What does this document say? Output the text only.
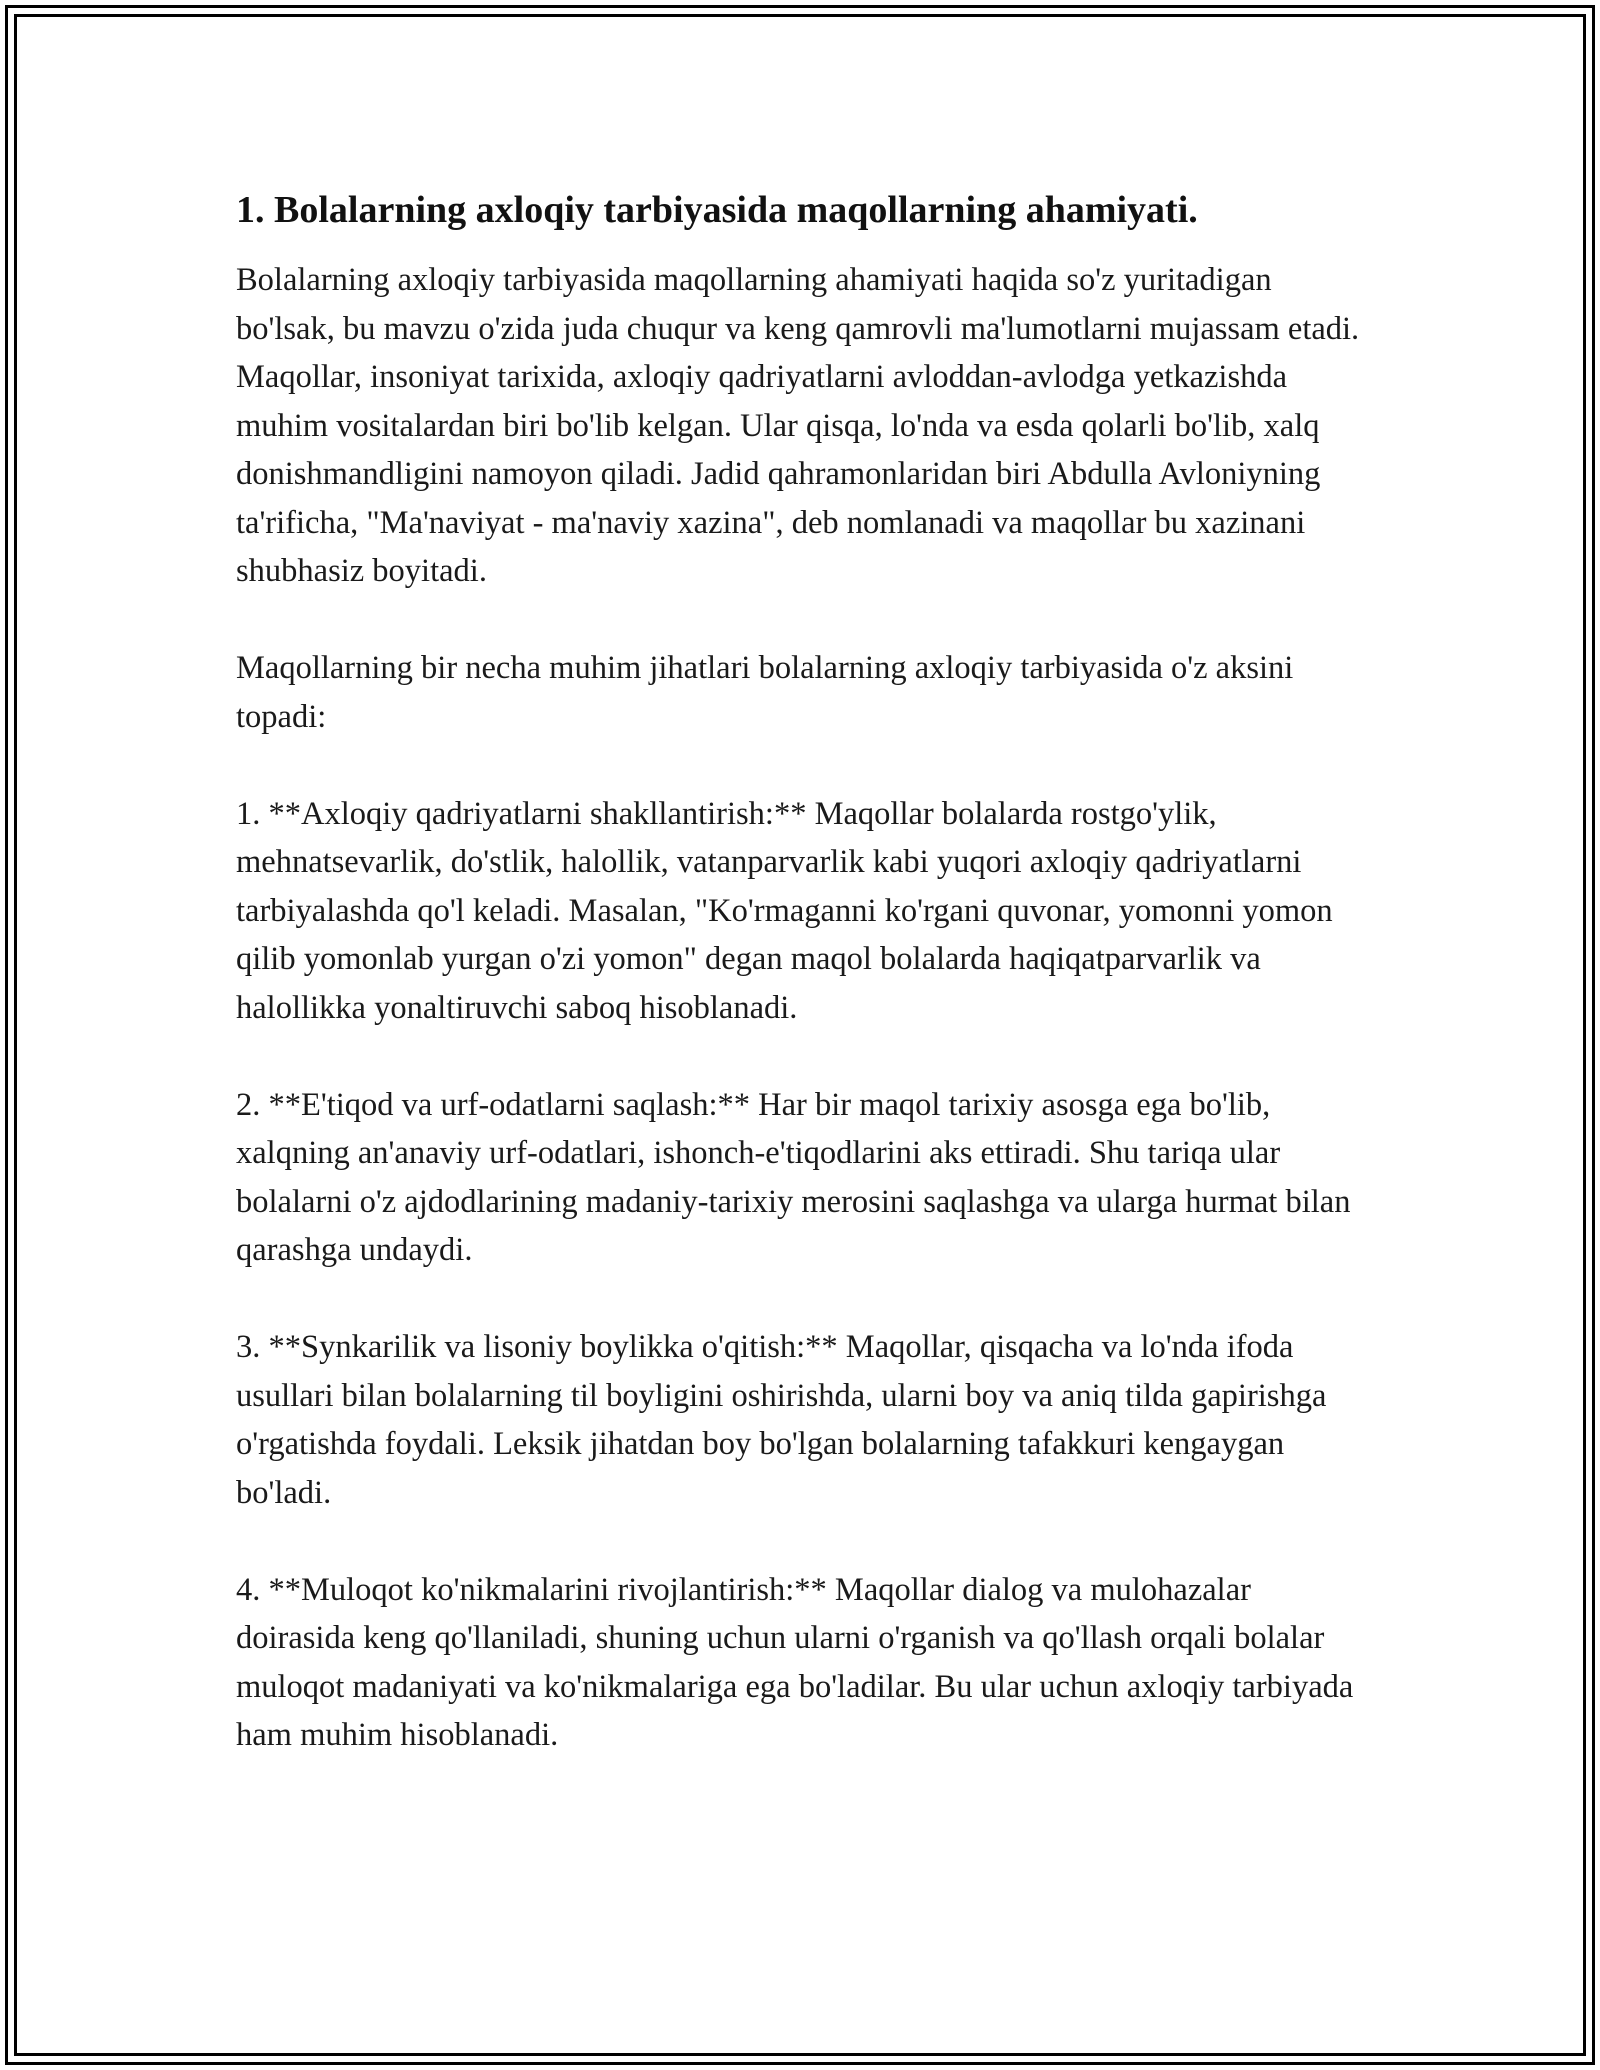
1. Bolalarning axloqiy tarbiyasida maqollarning ahamiyati.

Bolalarning axloqiy tarbiyasida maqollarning ahamiyati haqida so'z yuritadigan bo'lsak, bu mavzu o'zida juda chuqur va keng qamrovli ma'lumotlarni mujassam etadi. Maqollar, insoniyat tarixida, axloqiy qadriyatlarni avloddan-avlodga yetkazishda muhim vositalardan biri bo'lib kelgan. Ular qisqa, lo'nda va esda qolarli bo'lib, xalq donishmandligini namoyon qiladi. Jadid qahramonlaridan biri Abdulla Avloniyning ta'rificha, "Ma'naviyat - ma'naviy xazina", deb nomlanadi va maqollar bu xazinani shubhasiz boyitadi.

Maqollarning bir necha muhim jihatlari bolalarning axloqiy tarbiyasida o'z aksini topadi:

1. **Axloqiy qadriyatlarni shakllantirish:** Maqollar bolalarda rostgo'ylik, mehnatsevarlik, do'stlik, halollik, vatanparvarlik kabi yuqori axloqiy qadriyatlarni tarbiyalashda qo'l keladi. Masalan, "Ko'rmaganni ko'rgani quvonar, yomonni yomon qilib yomonlab yurgan o'zi yomon" degan maqol bolalarda haqiqatparvarlik va halollikka yonaltiruvchi saboq hisoblanadi.

2. **E'tiqod va urf-odatlarni saqlash:** Har bir maqol tarixiy asosga ega bo'lib, xalqning an'anaviy urf-odatlari, ishonch-e'tiqodlarini aks ettiradi. Shu tariqa ular bolalarni o'z ajdodlarining madaniy-tarixiy merosini saqlashga va ularga hurmat bilan qarashga undaydi.

3. **Synkarilik va lisoniy boylikka o'qitish:** Maqollar, qisqacha va lo'nda ifoda usullari bilan bolalarning til boyligini oshirishda, ularni boy va aniq tilda gapirishga o'rgatishda foydali. Leksik jihatdan boy bo'lgan bolalarning tafakkuri kengaygan bo'ladi.

4. **Muloqot ko'nikmalarini rivojlantirish:** Maqollar dialog va mulohazalar doirasida keng qo'llaniladi, shuning uchun ularni o'rganish va qo'llash orqali bolalar muloqot madaniyati va ko'nikmalariga ega bo'ladilar. Bu ular uchun axloqiy tarbiyada ham muhim hisoblanadi.
